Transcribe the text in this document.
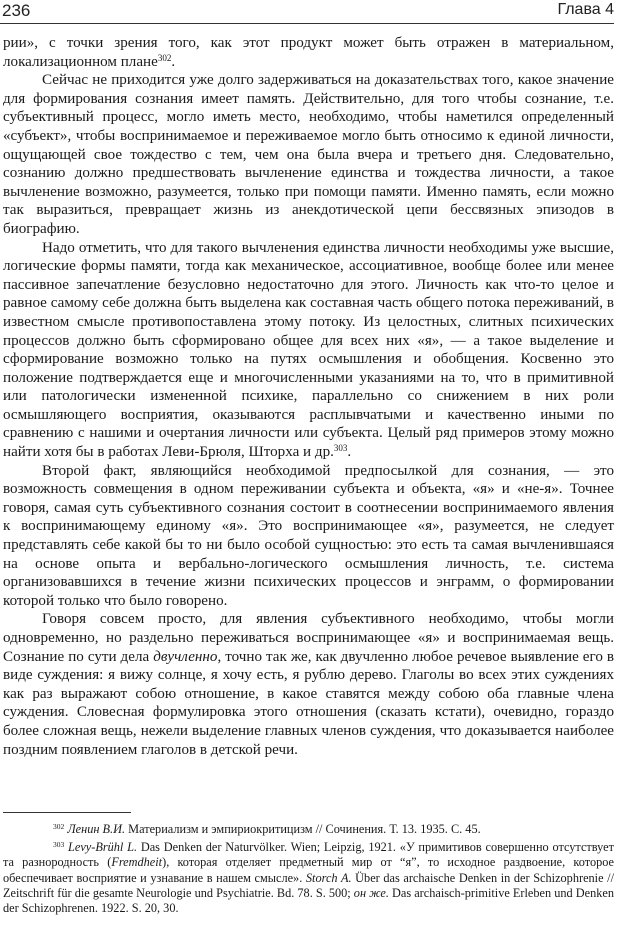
236	Глава 4

рии», с точки зрения того, как этот продукт может быть отражен в материальном, локализационном плане$^{302}$.

Сейчас не приходится уже долго задерживаться на доказательствах того, какое значение для формирования сознания имеет память. Действительно, для того чтобы сознание, т.е. субъективный процесс, могло иметь место, необходимо, чтобы наметился определенный «субъект», чтобы воспринимаемое и переживаемое могло быть относимо к единой личности, ощущающей свое тождество с тем, чем она была вчера и третьего дня. Следовательно, сознанию должно предшествовать вычленение единства и тождества личности, а такое вычленение возможно, разумеется, только при помощи памяти. Именно память, если можно так выразиться, превращает жизнь из анекдотической цепи бессвязных эпизодов в биографию.

Надо отметить, что для такого вычленения единства личности необходимы уже высшие, логические формы памяти, тогда как механическое, ассоциативное, вообще более или менее пассивное запечатление безусловно недостаточно для этого. Личность как что-то целое и равное самому себе должна быть выделена как составная часть общего потока переживаний, в известном смысле противопоставлена этому потоку. Из целостных, слитных психических процессов должно быть сформировано общее для всех них «я», — а такое выделение и сформирование возможно только на путях осмышления и обобщения. Косвенно это положение подтверждается еще и многочисленными указаниями на то, что в примитивной или патологически измененной психике, параллельно со снижением в них роли осмышляющего восприятия, оказываются расплывчатыми и качественно иными по сравнению с нашими и очертания личности или субъекта. Целый ряд примеров этому можно найти хотя бы в работах Леви-Брюля, Шторха и др.$^{303}$.

Второй факт, являющийся необходимой предпосылкой для сознания, — это возможность совмещения в одном переживании субъекта и объекта, «я» и «не-я». Точнее говоря, самая суть субъективного сознания состоит в соотнесении воспринимаемого явления к воспринимающему единому «я». Это воспринимающее «я», разумеется, не следует представлять себе какой бы то ни было особой сущностью: это есть та самая вычленившаяся на основе опыта и вербально-логического осмышления личность, т.е. система организовавшихся в течение жизни психических процессов и энграмм, о формировании которой только что было говорено.

Говоря совсем просто, для явления субъективного необходимо, чтобы могли одновременно, но раздельно переживаться воспринимающее «я» и воспринимаемая вещь. Сознание по сути дела двучленно, точно так же, как двучленно любое речевое выявление его в виде суждения: я вижу солнце, я хочу есть, я рублю дерево. Глаголы во всех этих суждениях как раз выражают собою отношение, в какое ставятся между собою оба главные члена суждения. Словесная формулировка этого отношения (сказать кстати), очевидно, гораздо более сложная вещь, нежели выделение главных членов суждения, что доказывается наиболее поздним появлением глаголов в детской речи.

$^{302}$ Ленин В.И. Материализм и эмпириокритицизм // Сочинения. Т. 13. 1935. С. 45.

$^{303}$ Levy-Brühl L. Das Denken der Naturvölker. Wien; Leipzig, 1921. «У примитивов совершенно отсутствует та разнородность (Fremdheit), которая отделяет предметный мир от “я”, то исходное раздвоение, которое обеспечивает восприятие и узнавание в нашем смысле». Storch A. Über das archaische Denken in der Schizophrenie // Zeitschrift für die gesamte Neurologie und Psychiatrie. Bd. 78. S. 500; он же. Das archaisch-primitive Erleben und Denken der Schizophrenen. 1922. S. 20, 30.
